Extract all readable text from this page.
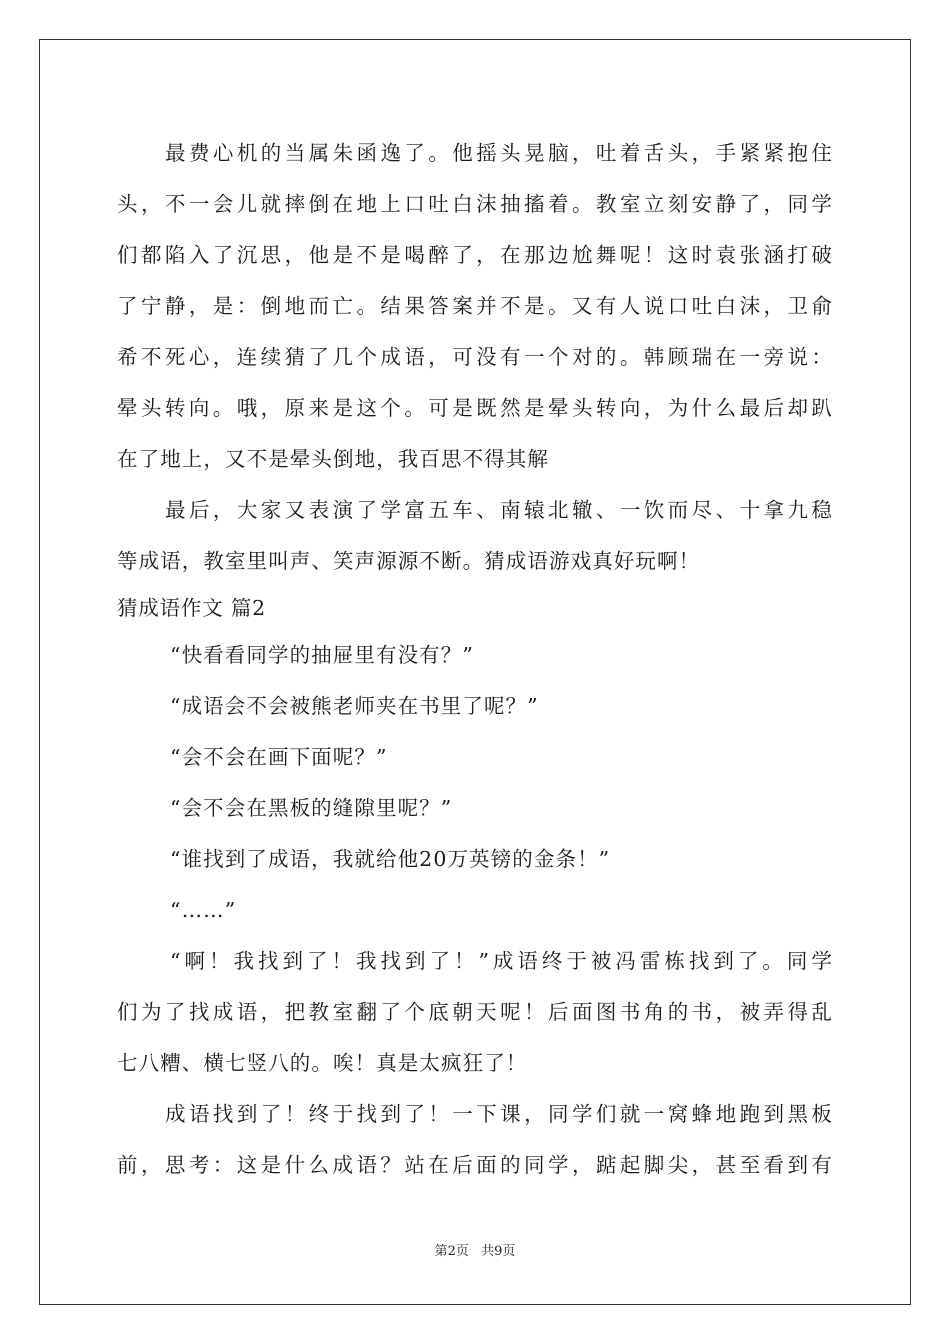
最费心机的当属朱函逸了。他摇头晃脑，吐着舌头，手紧紧抱住
头，不一会儿就摔倒在地上口吐白沫抽搐着。教室立刻安静了，同学
们都陷入了沉思，他是不是喝醉了，在那边尬舞呢！这时袁张涵打破
了宁静，是：倒地而亡。结果答案并不是。又有人说口吐白沫，卫俞
希不死心，连续猜了几个成语，可没有一个对的。韩顾瑞在一旁说：
晕头转向。哦，原来是这个。可是既然是晕头转向，为什么最后却趴
在了地上，又不是晕头倒地，我百思不得其解
最后，大家又表演了学富五车、南辕北辙、一饮而尽、十拿九稳
等成语，教室里叫声、笑声源源不断。猜成语游戏真好玩啊！
猜成语作文 篇2
“快看看同学的抽屉里有没有？”
“成语会不会被熊老师夹在书里了呢？”
“会不会在画下面呢？”
“会不会在黑板的缝隙里呢？”
“谁找到了成语，我就给他20万英镑的金条！”
“……”
“啊！我找到了！我找到了！”成语终于被冯雷栋找到了。同学
们为了找成语，把教室翻了个底朝天呢！后面图书角的书，被弄得乱
七八糟、横七竖八的。唉！真是太疯狂了！
成语找到了！终于找到了！一下课，同学们就一窝蜂地跑到黑板
前，思考：这是什么成语？站在后面的同学，踮起脚尖，甚至看到有
第2页 共9页
